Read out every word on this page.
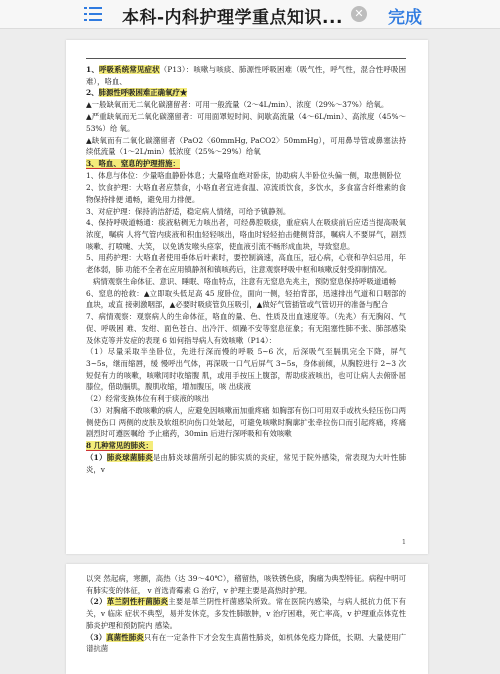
本科-内科护理学重点知识...	✕ 完成

1、呼吸系统常见症状（P13）：咳嗽与咳痰、肺源性呼吸困难（吸气性，呼气性，混合性呼吸困难），咯血、

2、肺源性呼吸困难正确氧疗★

▲一般缺氧而无二氧化碳潴留者：可用一般流量（2～4L/min）、浓度（29%～37%）给氧。

▲严重缺氧而无二氧化碳潴留者：可用面罩短时间、间歇高流量（4～6L/min）、高浓度（45%～53%）给 氧。

▲缺氧而有二氧化碳潴留者（PaO2〈60mmHg, PaCO2〉50mmHg），可用鼻导管或鼻塞法持续低流量（1～2L/min）低浓度（25%～29%）给氧

3、咯血、窒息的护理措施：

1、体息与体位：少量咯血静卧体息；大量咯血绝对卧床，协助病人半卧位头偏一侧，取患侧卧位

2、饮食护理：大咯血者应禁食，小咯血者宜进食温、凉流质饮食，多饮水，多食富含纤维素的食物保持排便 通畅，避免用力排便。

3、对症护理：保持消洁舒适，稳定病人情绪，可给予镇静剂。

4、保持呼吸道畅通：痰液粘稠无力咳出者，可经鼻腔吸痰，重症病人在吸痰前后应适当提高吸氧浓度，嘱病 人将气管内痰液和积血轻轻咳出，咯血时轻轻拍击健侧背部，嘱病人不要屏气，剧烈咳嗽、打喷嚏、大笑， 以免诱发喉头痉挛，使血液引流不畅形成血块，导致窒息。

5、用药护理：大咯血者使用垂体后叶素时，要控制滴速，高血压，冠心病，心衰和孕妇忌用，年老体弱，肺 功能不全者在应用镇静剂和镇咳药后，注意观察呼吸中枢和咳嗽反射受抑制情况。

病情观察生命体征、意识、睡眠、咯血特点，注意有无窒息先兆主，预防窒息保持呼吸道通畅

6、窒息的抢救：▲立即取头低足高 45 度卧位，面向一侧，轻拍背部，迅速排出气道和口咽部的血块，或直 接刺激咽部，▲必要时吸痰管负压吸引，▲做好气管插管或气管切开的准备与配合

7、病情观察：观察病人的生命体征，咯血的量、色、性质及出血速度等。（先兆）有无胸闷、气促、呼吸困 难、发绀、面色苍白、出冷汗、烦躁不安等窒息征象；有无阻塞性肺不张、肺部感染及休克等并发症的表现 6 如何指导病人有效咳嗽（P14）：

（1）尽量采取半坐卧位，先进行深而慢的呼吸 5~6 次，后深吸气至膈肌完全下降，屏气 3~5s，继而缩唇，缓 慢呼出气体，再深吸一口气后屏气 3~5s，身体前倾，从胸腔进行 2~3 次短促有力的咳嗽，咳嗽同时收缩腹 肌，或用手按压上腹部，帮助痰液咳出，也可让病人去俯卧屈膝位，借助膈肌，腹肌收缩，增加腹压，咳 出痰液

（2）经常变换体位有利于痰液的咳出

（3）对胸痛不敢咳嗽的病人，应避免因咳嗽而加重疼痛 如胸部有伤口可用双手或枕头轻压伤口两侧使伤口 两侧的皮肤及软组织向伤口处皱起，可避免咳嗽时胸廓扩张牵拉伤口而引起疼痛，疼痛剧烈时可遵医嘱给 予止痛药，30min 后进行深呼吸和有效咳嗽

8 几种常见的肺炎：

（1）肺炎球菌肺炎是由肺炎球菌所引起的肺实质的炎症，常见于院外感染，常表现为大叶性肺炎，v

1

以突 然起病，寒颤，高热（达 39～40℃），稽留热，咳铁锈色痰，胸痛为典型特征。病程中明可有肺实变的体征， v 首选青霉素 G 治疗，v 护理主要是高热时护理。

（2）革兰阴性杆菌肺炎主要是革兰阴性杆菌感染所致。常在医院内感染，与病人抵抗力低下有关，v 临床 症状不典型，易并发休克，多发性肺脓肿，v 治疗困难，死亡率高，v 护理重点体克性肺炎护理和预防院内 感染。

（3）真菌性肺炎只有在一定条件下才会发生真菌性肺炎，如机体免疫力降低，长期、大量使用广谱抗菌
